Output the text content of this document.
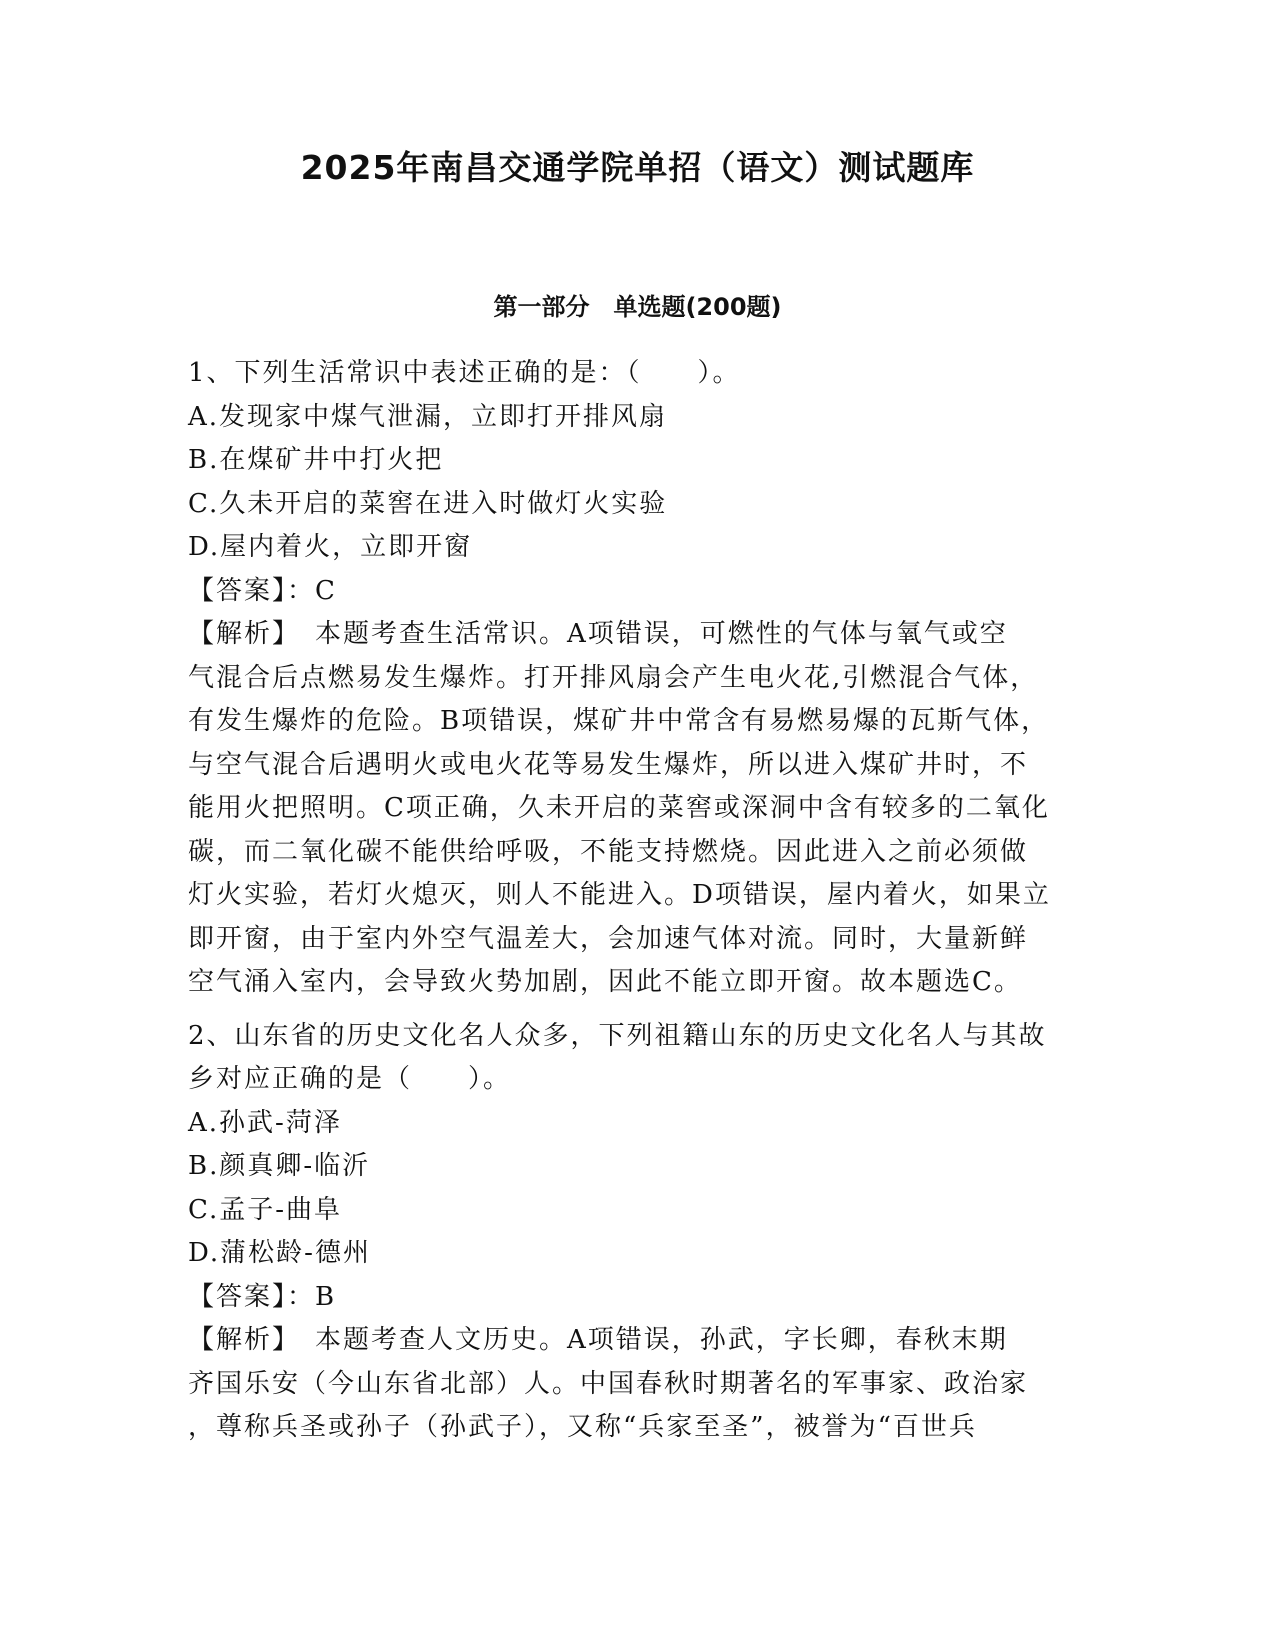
2025年南昌交通学院单招（语文）测试题库
第一部分　单选题(200题)
1、下列生活常识中表述正确的是：（　　）。
A.发现家中煤气泄漏，立即打开排风扇
B.在煤矿井中打火把
C.久未开启的菜窖在进入时做灯火实验
D.屋内着火，立即开窗
【答案】：C
【解析】　本题考查生活常识。A项错误，可燃性的气体与氧气或空
气混合后点燃易发生爆炸。打开排风扇会产生电火花,引燃混合气体，
有发生爆炸的危险。B项错误，煤矿井中常含有易燃易爆的瓦斯气体，
与空气混合后遇明火或电火花等易发生爆炸，所以进入煤矿井时，不
能用火把照明。C项正确，久未开启的菜窖或深洞中含有较多的二氧化
碳，而二氧化碳不能供给呼吸，不能支持燃烧。因此进入之前必须做
灯火实验，若灯火熄灭，则人不能进入。D项错误，屋内着火，如果立
即开窗，由于室内外空气温差大，会加速气体对流。同时，大量新鲜
空气涌入室内，会导致火势加剧，因此不能立即开窗。故本题选C。
2、山东省的历史文化名人众多，下列祖籍山东的历史文化名人与其故
乡对应正确的是（　　）。
A.孙武-菏泽
B.颜真卿-临沂
C.孟子-曲阜
D.蒲松龄-德州
【答案】：B
【解析】　本题考查人文历史。A项错误，孙武，字长卿，春秋末期
齐国乐安（今山东省北部）人。中国春秋时期著名的军事家、政治家
，尊称兵圣或孙子（孙武子），又称“兵家至圣”，被誉为“百世兵
